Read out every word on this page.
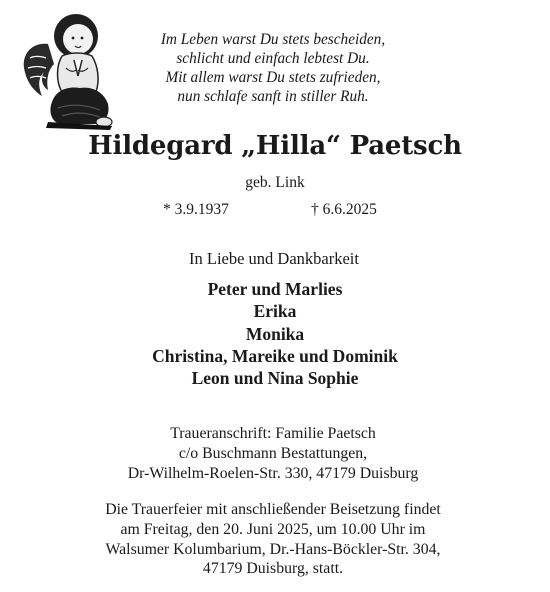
Im Leben warst Du stets bescheiden,
schlicht und einfach lebtest Du.
Mit allem warst Du stets zufrieden,
nun schlafe sanft in stiller Ruh.
Hildegard „Hilla“ Paetsch
geb. Link
* 3.9.1937	† 6.6.2025
In Liebe und Dankbarkeit
Peter und Marlies
Erika
Monika
Christina, Mareike und Dominik
Leon und Nina Sophie
Traueranschrift: Familie Paetsch
c/o Buschmann Bestattungen,
Dr-Wilhelm-Roelen-Str. 330, 47179 Duisburg
Die Trauerfeier mit anschließender Beisetzung findet
am Freitag, den 20. Juni 2025, um 10.00 Uhr im
Walsumer Kolumbarium, Dr.-Hans-Böckler-Str. 304,
47179 Duisburg, statt.
